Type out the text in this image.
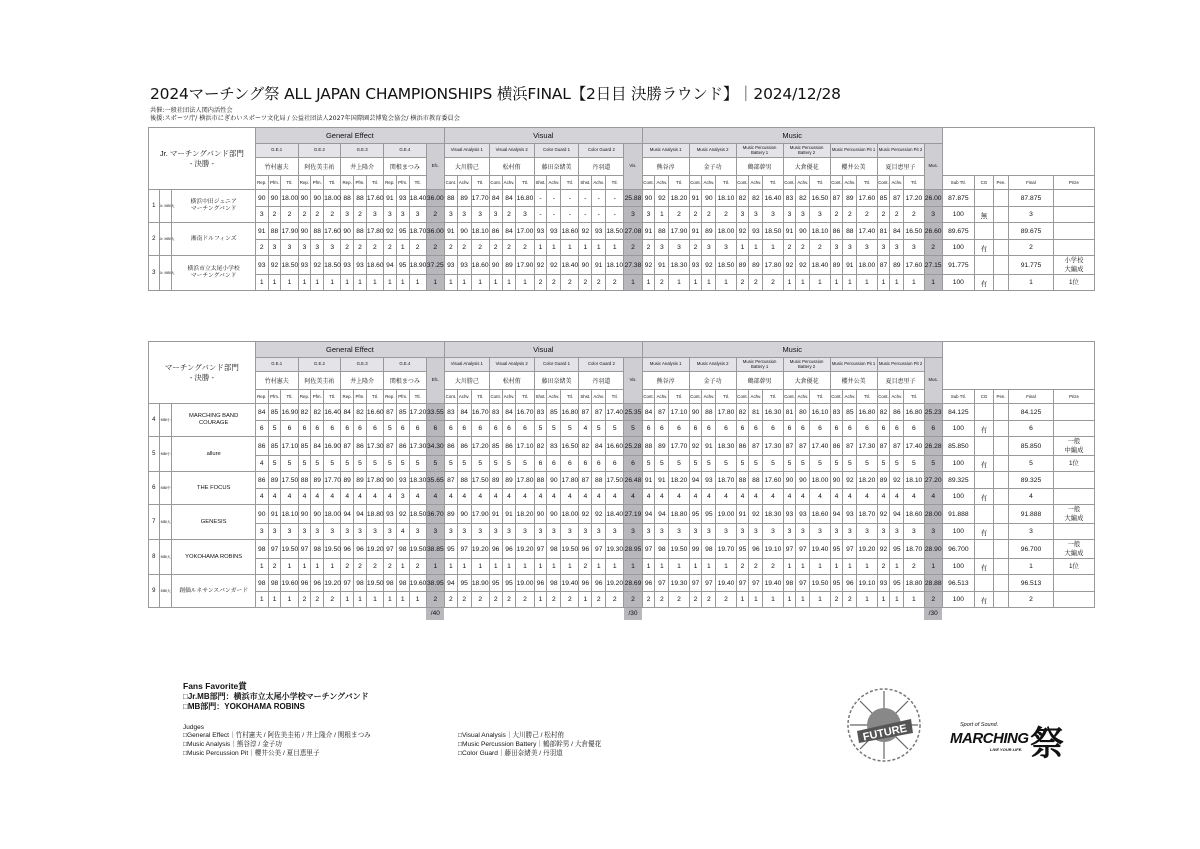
2024マーチング祭 ALL JAPAN CHAMPIONSHIPS 横浜FINAL【2日目 決勝ラウンド】｜2024/12/28
共催:一般社団法人関内活性会
後援:スポーツ庁/ 横浜市にぎわいスポーツ文化局 / 公益社団法人2027年国際園芸博覧会協会/ 横浜市教育委員会
Jr. マーチングバンド部門
- 決勝 -			General Effect													Visual													Music																							
			G.E.1			G.E.2			G.E.3			G.E.4			Efc.	Visual Analysis 1			Visual Analysis 2			Color Guard 1			Color Guard 2			Vis.	Music Analysis 1			Music Analysis 2			Music Percussion Battery 1			Music Percussion Battery 2			Music Percussion Pit 1			Music Percussion Pit 2			Mus.					
			竹村憲夫			阿佐美圭祐			井上隆介			関根まつみ				大川勝己			松村侑			藤田奈緒美			丹羽道				熊谷淳			金子功			鶴部幹男			大倉優花			櫻井公美			夏目恵里子								
			Rep.	Pfm.	Ttl.	Rep.	Pfm.	Ttl.	Rep.	Pfm.	Ttl.	Rep.	Pfm.	Ttl.		Cont.	Achv.	Ttl.	Cont.	Achv.	Ttl.	Shst.	Achv.	Ttl.	Shst.	Achv.	Ttl.		Cont.	Achv.	Ttl.	Cont.	Achv.	Ttl.	Cont.	Achv.	Ttl.	Cont.	Achv.	Ttl.	Cont.	Achv.	Ttl.	Cont.	Achv.	Ttl.		Sub Ttl.	CG	Pen.	Final	Prize
1	Jr. MB/大	横浜中田ジュニア
マーチングバンド	90	90	18.00	90	90	18.00	88	88	17.60	91	93	18.40	36.00	88	89	17.70	84	84	16.80	-	-	-	-	-	-	25.88	90	92	18.20	91	90	18.10	82	82	16.40	83	82	16.50	87	89	17.60	85	87	17.20	26.00	87.875			87.875	
			3	2	2	2	2	2	3	2	3	3	3	3	2	3	3	3	3	2	3	-	-	-	-	-	-	3	3	1	2	2	2	2	3	3	3	3	3	3	2	2	2	2	2	2	3	100	無		3	
2	Jr. MB/大	湘南ドルフィンズ	91	88	17.90	90	88	17.60	90	88	17.80	92	95	18.70	36.00	91	90	18.10	86	84	17.00	93	93	18.60	92	93	18.50	27.08	91	88	17.90	91	89	18.00	92	93	18.50	91	90	18.10	86	88	17.40	81	84	16.50	26.60	89.675			89.675	
			2	3	3	3	3	3	2	2	2	2	1	2	2	2	2	2	2	2	2	1	1	1	1	1	1	2	2	3	3	2	3	3	1	1	1	2	2	2	3	3	3	3	3	3	2	100	有		2	
3	Jr. MB/大	横浜市立太尾小学校
マーチングバンド	93	92	18.50	93	92	18.50	93	93	18.60	94	95	18.90	37.25	93	93	18.60	90	89	17.90	92	92	18.40	90	91	18.10	27.38	92	91	18.30	93	92	18.50	89	89	17.80	92	92	18.40	89	91	18.00	87	89	17.60	27.15	91.775			91.775	小学校
大編成
			1	1	1	1	1	1	1	1	1	1	1	1	1	1	1	1	1	1	1	2	2	2	2	2	2	1	1	2	1	1	1	1	2	2	2	1	1	1	1	1	1	1	1	1	1	100	有		1	1位
マーチングバンド部門
- 決勝 -			General Effect													Visual													Music																							
			G.E.1			G.E.2			G.E.3			G.E.4			Efc.	Visual Analysis 1			Visual Analysis 2			Color Guard 1			Color Guard 2			Vis.	Music Analysis 1			Music Analysis 2			Music Percussion Battery 1			Music Percussion Battery 2			Music Percussion Pit 1			Music Percussion Pit 2			Mus.					
			竹村憲夫			阿佐美圭祐			井上隆介			関根まつみ				大川勝己			松村侑			藤田奈緒美			丹羽道				熊谷淳			金子功			鶴部幹男			大倉優花			櫻井公美			夏目恵里子								
			Rep.	Pfm.	Ttl.	Rep.	Pfm.	Ttl.	Rep.	Pfm.	Ttl.	Rep.	Pfm.	Ttl.		Cont.	Achv.	Ttl.	Cont.	Achv.	Ttl.	Shst.	Achv.	Ttl.	Shst.	Achv.	Ttl.		Cont.	Achv.	Ttl.	Cont.	Achv.	Ttl.	Cont.	Achv.	Ttl.	Cont.	Achv.	Ttl.	Cont.	Achv.	Ttl.	Cont.	Achv.	Ttl.		Sub Ttl.	CG	Pen.	Final	Prize
4	MB/小	MARCHING BAND
COURAGE	84	85	16.90	82	82	16.40	84	82	16.60	87	85	17.20	33.55	83	84	16.70	83	84	16.70	83	85	16.80	87	87	17.40	25.35	84	87	17.10	90	88	17.80	82	81	16.30	81	80	16.10	83	85	16.80	82	86	16.80	25.23	84.125			84.125	
			6	5	6	6	6	6	6	6	6	5	6	6	6	6	6	6	6	6	6	5	5	5	4	5	5	5	6	6	6	6	6	6	6	6	6	6	6	6	6	6	6	6	6	6	6	100	有		6	
5	MB/小	allure	86	85	17.10	85	84	16.90	87	86	17.30	87	86	17.30	34.30	86	86	17.20	85	86	17.10	82	83	16.50	82	84	16.60	25.28	88	89	17.70	92	91	18.30	86	87	17.30	87	87	17.40	86	87	17.30	87	87	17.40	26.28	85.850			85.850	一般
中編成
			4	5	5	5	5	5	5	5	5	5	5	5	5	5	5	5	5	5	5	6	6	6	6	6	6	6	5	5	5	5	5	5	5	5	5	5	5	5	5	5	5	5	5	5	5	100	有		5	1位
6	MB/中	THE FOCUS	86	89	17.50	88	89	17.70	89	89	17.80	90	93	18.30	35.65	87	88	17.50	89	89	17.80	88	90	17.80	87	88	17.50	26.48	91	91	18.20	94	93	18.70	88	88	17.60	90	90	18.00	90	92	18.20	89	92	18.10	27.20	89.325			89.325	
			4	4	4	4	4	4	4	4	4	4	3	4	4	4	4	4	4	4	4	4	4	4	4	4	4	4	4	4	4	4	4	4	4	4	4	4	4	4	4	4	4	4	4	4	4	100	有		4	
7	MB/大	GENESIS	90	91	18.10	90	90	18.00	94	94	18.80	93	92	18.50	36.70	89	90	17.90	91	91	18.20	90	90	18.00	92	92	18.40	27.19	94	94	18.80	95	95	19.00	91	92	18.30	93	93	18.60	94	93	18.70	92	94	18.60	28.00	91.888			91.888	一般
大編成
			3	3	3	3	3	3	3	3	3	3	4	3	3	3	3	3	3	3	3	3	3	3	3	3	3	3	3	3	3	3	3	3	3	3	3	3	3	3	3	3	3	3	3	3	3	100	有		3	
8	MB/大	YOKOHAMA ROBINS	98	97	19.50	97	98	19.50	96	96	19.20	97	98	19.50	38.85	95	97	19.20	96	96	19.20	97	98	19.50	96	97	19.30	28.95	97	98	19.50	99	98	19.70	95	96	19.10	97	97	19.40	95	97	19.20	92	95	18.70	28.90	96.700			96.700	一般
大編成
			1	2	1	1	1	1	2	2	2	2	1	2	1	1	1	1	1	1	1	1	1	1	2	1	1	1	1	1	1	1	1	1	2	2	2	1	1	1	1	1	1	2	1	2	1	100	有		1	1位
9	MB/大	創価ルネサンスバンガード	98	98	19.60	96	96	19.20	97	98	19.50	98	98	19.60	38.95	94	95	18.90	95	95	19.00	96	98	19.40	96	96	19.20	28.69	96	97	19.30	97	97	19.40	97	97	19.40	98	97	19.50	95	96	19.10	93	95	18.80	28.88	96.513			96.513	
			1	1	1	2	2	2	1	1	1	1	1	1	2	2	2	2	2	2	2	1	2	2	1	2	2	2	2	2	2	2	2	2	1	1	1	1	1	1	2	2	1	1	1	1	2	100	有		2	
															/40													/30																			/30					
Fans Favorite賞
□Jr.MB部門：横浜市立太尾小学校マーチングバンド
□MB部門：YOKOHAMA ROBINS
Judges
□General Effect｜竹村憲夫 / 阿佐美圭祐 / 井上隆介 / 関根まつみ
□Music Analysis｜熊谷淳 / 金子功
□Music Percussion Pit｜櫻井公美 / 夏目恵里子
□Visual Analysis｜大川勝己 / 松村侑
□Music Percussion Battery｜鶴部幹男 / 大倉優花
□Color Guard｜藤田奈緒美 / 丹羽道
FUTURE	Sport of Sound.
MARCHING 祭
LIVE YOUR LIFE.
